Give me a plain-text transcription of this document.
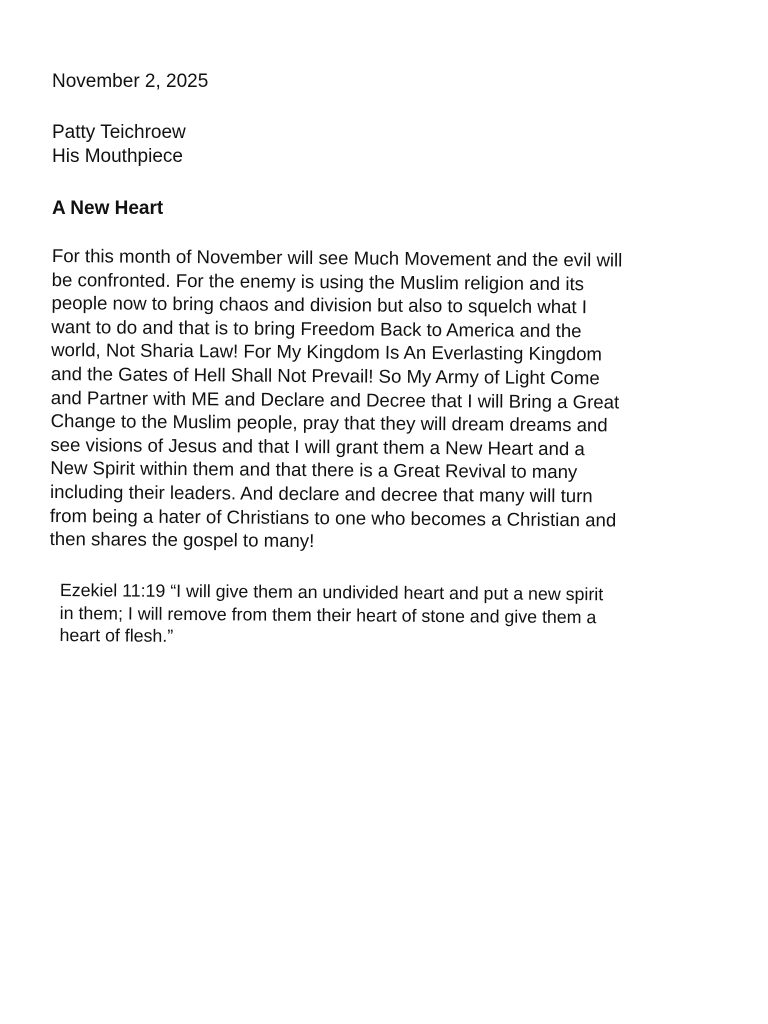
November 2, 2025
Patty Teichroew
His Mouthpiece
A New Heart
For this month of November will see Much Movement and the evil will
be confronted. For the enemy is using the Muslim religion and its
people now to bring chaos and division but also to squelch what I
want to do and that is to bring Freedom Back to America and the
world, Not Sharia Law! For My Kingdom Is An Everlasting Kingdom
and the Gates of Hell Shall Not Prevail! So My Army of Light Come
and Partner with ME and Declare and Decree that I will Bring a Great
Change to the Muslim people, pray that they will dream dreams and
see visions of Jesus and that I will grant them a New Heart and a
New Spirit within them and that there is a Great Revival to many
including their leaders. And declare and decree that many will turn
from being a hater of Christians to one who becomes a Christian and
then shares the gospel to many!
Ezekiel 11:19 “I will give them an undivided heart and put a new spirit
in them; I will remove from them their heart of stone and give them a
heart of flesh.”
